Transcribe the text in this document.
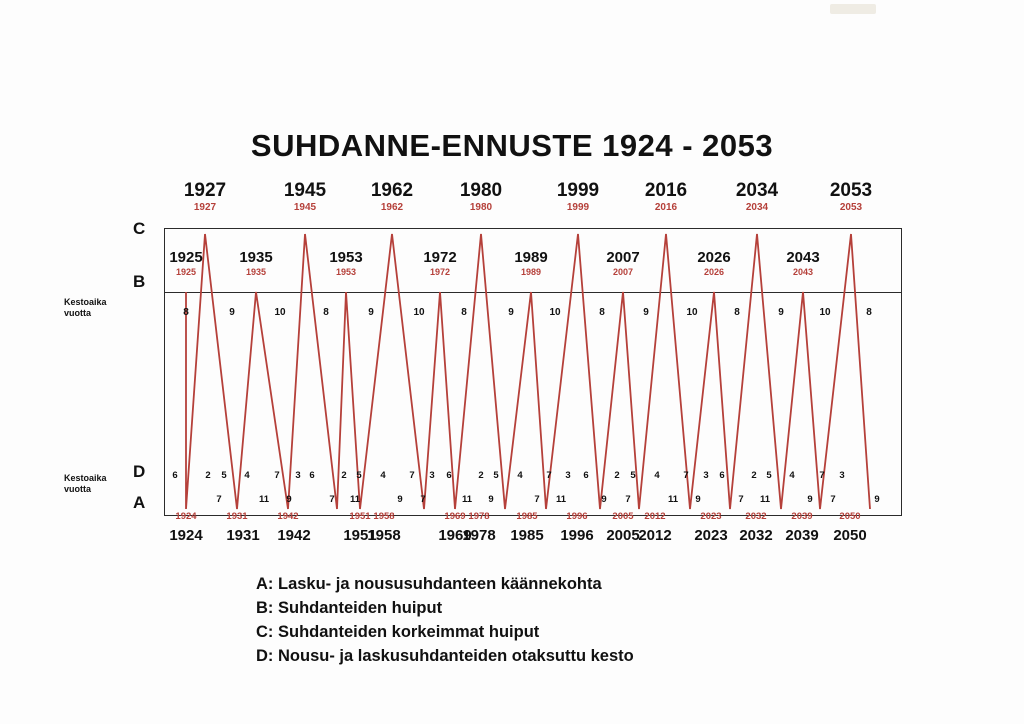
SUHDANNE-ENNUSTE 1924 - 2053
C
B
D
A
Kestoaika
vuotta
Kestoaika
vuotta
1927
1927
1945
1945
1962
1962
1980
1980
1999
1999
2016
2016
2034
2034
2053
2053
1925
1925
1935
1935
1953
1953
1972
1972
1989
1989
2007
2007
2026
2026
2043
2043
8	9	10	8	9	10	8	9	10	8	9	10	8	9	10	8
6	2	5	4	7	3 6	2	5	4	7	3	6	2	5	4	7	3	6	2	5	4	7	3	6	2	5	4	7	3
7	11	9	7	11	9	7	11	9	7	11	9	7	11	9	7	11	9	7	9
1924	1931	1942	1951 1958	1969 1978	1985	1996	2005	2012	2023	2032	2039	2050
1924	1931	1942	1951
1958	1969
1978 1985	1996 2005
2012	2023 2032 2039 2050
A: Lasku- ja noususuhdanteen käännekohta
B: Suhdanteiden huiput
C: Suhdanteiden korkeimmat huiput
D: Nousu- ja laskusuhdanteiden otaksuttu kesto
